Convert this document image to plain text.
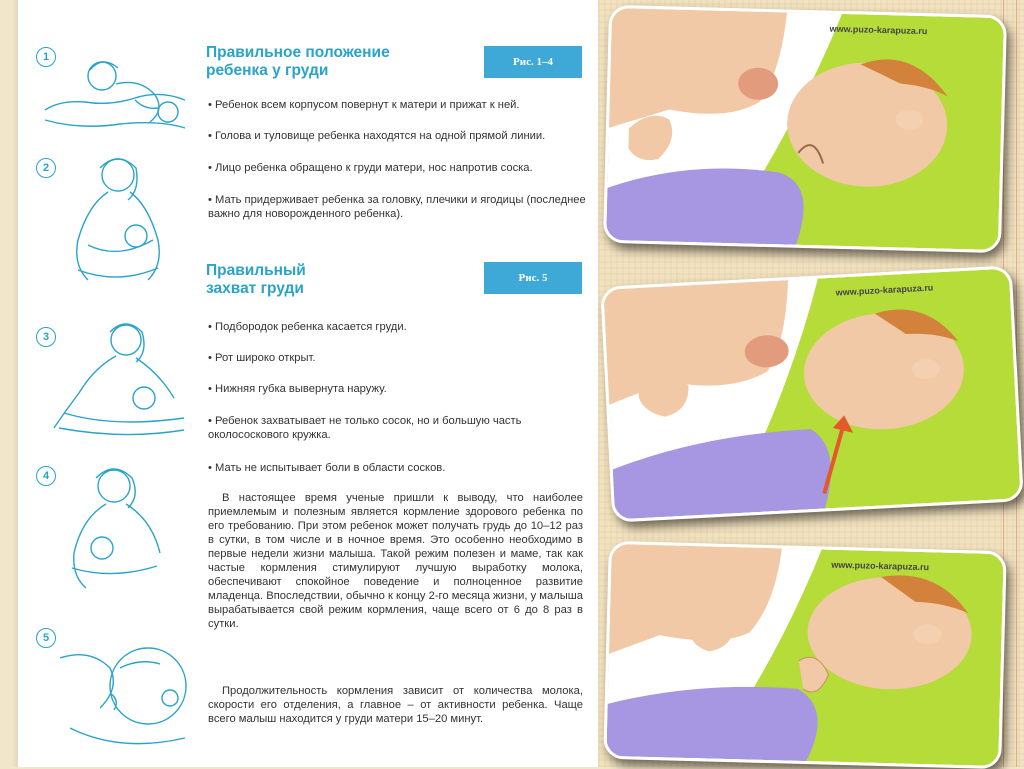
1
2
3
4
5
Правильное положение
ребенка у груди	Рис. 1–4
• Ребенок всем корпусом повернут к матери и прижат к ней.
• Голова и туловище ребенка находятся на одной прямой линии.
• Лицо ребенка обращено к груди матери, нос напротив соска.
• Мать придерживает ребенка за головку, плечики и ягодицы (последнее важно для новорожденного ребенка).
Правильный
захват груди
Рис. 5
• Подбородок ребенка касается груди.
• Рот широко открыт.
• Нижняя губка вывернута наружу.
• Ребенок захватывает не только сосок, но и большую часть околососкового кружка.
• Мать не испытывает боли в области сосков.
В настоящее время ученые пришли к выводу, что наиболее приемлемым и полезным является кормление здорового ребенка по его требованию. При этом ребенок может получать грудь до 10–12 раз в сутки, в том числе и в ночное время. Это особенно необходимо в первые недели жизни малыша. Такой режим полезен и маме, так как частые кормления стимулируют лучшую выработку молока, обеспечивают спокойное поведение и полноценное развитие младенца. Впоследствии, обычно к концу 2-го месяца жизни, у малыша вырабатывается свой режим кормления, чаще всего от 6 до 8 раз в сутки.
Продолжительность кормления зависит от количества молока, скорости его отделения, а главное – от активности ребенка. Чаще всего малыш находится у груди матери 15–20 минут.
www.puzo-karapuza.ru
www.puzo-karapuza.ru
www.puzo-karapuza.ru
